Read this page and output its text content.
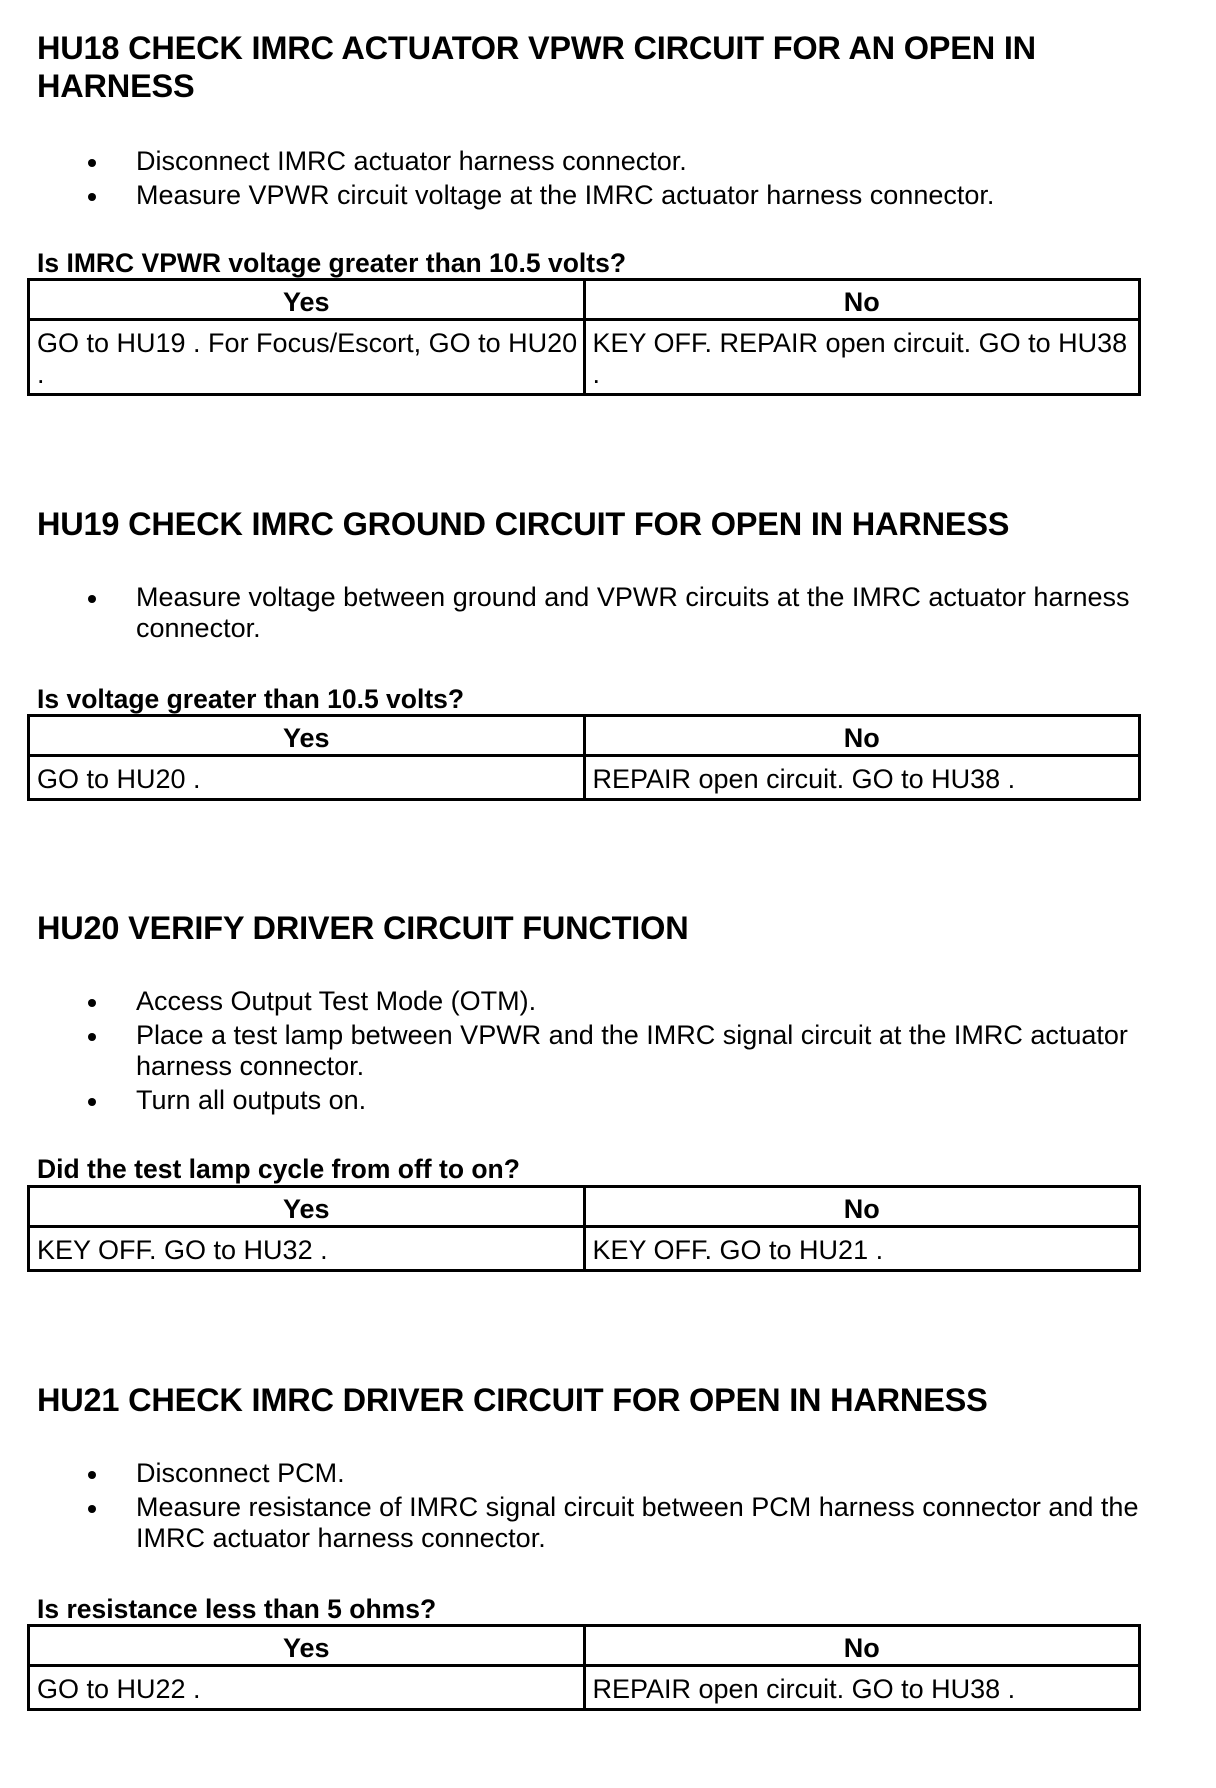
HU18 CHECK IMRC ACTUATOR VPWR CIRCUIT FOR AN OPEN IN HARNESS
Disconnect IMRC actuator harness connector.
Measure VPWR circuit voltage at the IMRC actuator harness connector.

Is IMRC VPWR voltage greater than 10.5 volts?

Yes	No
GO to HU19 . For Focus/Escort, GO to HU20 .	KEY OFF. REPAIR open circuit. GO to HU38 .
HU19 CHECK IMRC GROUND CIRCUIT FOR OPEN IN HARNESS
Measure voltage between ground and VPWR circuits at the IMRC actuator harness connector.

Is voltage greater than 10.5 volts?

Yes	No
GO to HU20 .	REPAIR open circuit. GO to HU38 .
HU20 VERIFY DRIVER CIRCUIT FUNCTION
Access Output Test Mode (OTM).
Place a test lamp between VPWR and the IMRC signal circuit at the IMRC actuator harness connector.
Turn all outputs on.

Did the test lamp cycle from off to on?

Yes	No
KEY OFF. GO to HU32 .	KEY OFF. GO to HU21 .
HU21 CHECK IMRC DRIVER CIRCUIT FOR OPEN IN HARNESS
Disconnect PCM.
Measure resistance of IMRC signal circuit between PCM harness connector and the IMRC actuator harness connector.

Is resistance less than 5 ohms?

Yes	No
GO to HU22 .	REPAIR open circuit. GO to HU38 .
